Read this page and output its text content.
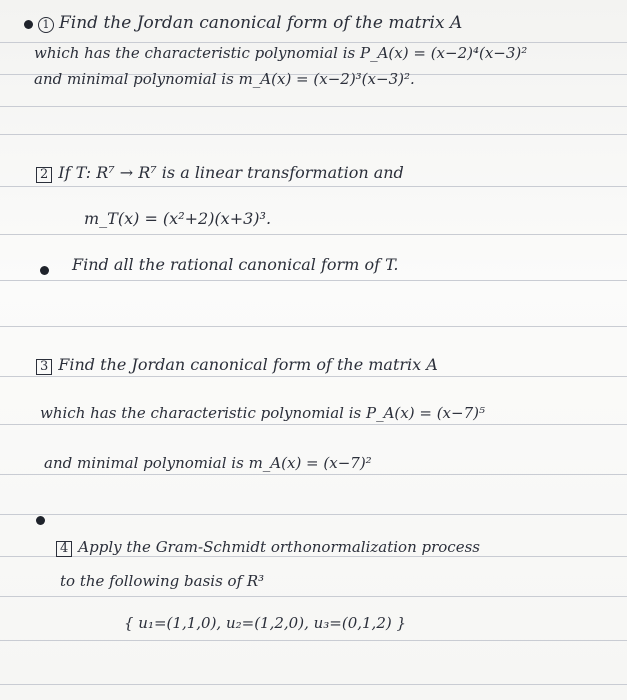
1 Find the Jordan canonical form of the matrix A
which has the characteristic polynomial is P_A(x) = (x−2)⁴(x−3)²
and minimal polynomial is m_A(x) = (x−2)³(x−3)².
2 If T: R⁷ → R⁷ is a linear transformation and
m_T(x) = (x²+2)(x+3)³.
Find all the rational canonical form of T.
3 Find the Jordan canonical form of the matrix A
which has the characteristic polynomial is P_A(x) = (x−7)⁵
and minimal polynomial is m_A(x) = (x−7)²
4 Apply the Gram-Schmidt orthonormalization process
to the following basis of R³
{ u₁=(1,1,0), u₂=(1,2,0), u₃=(0,1,2) }
